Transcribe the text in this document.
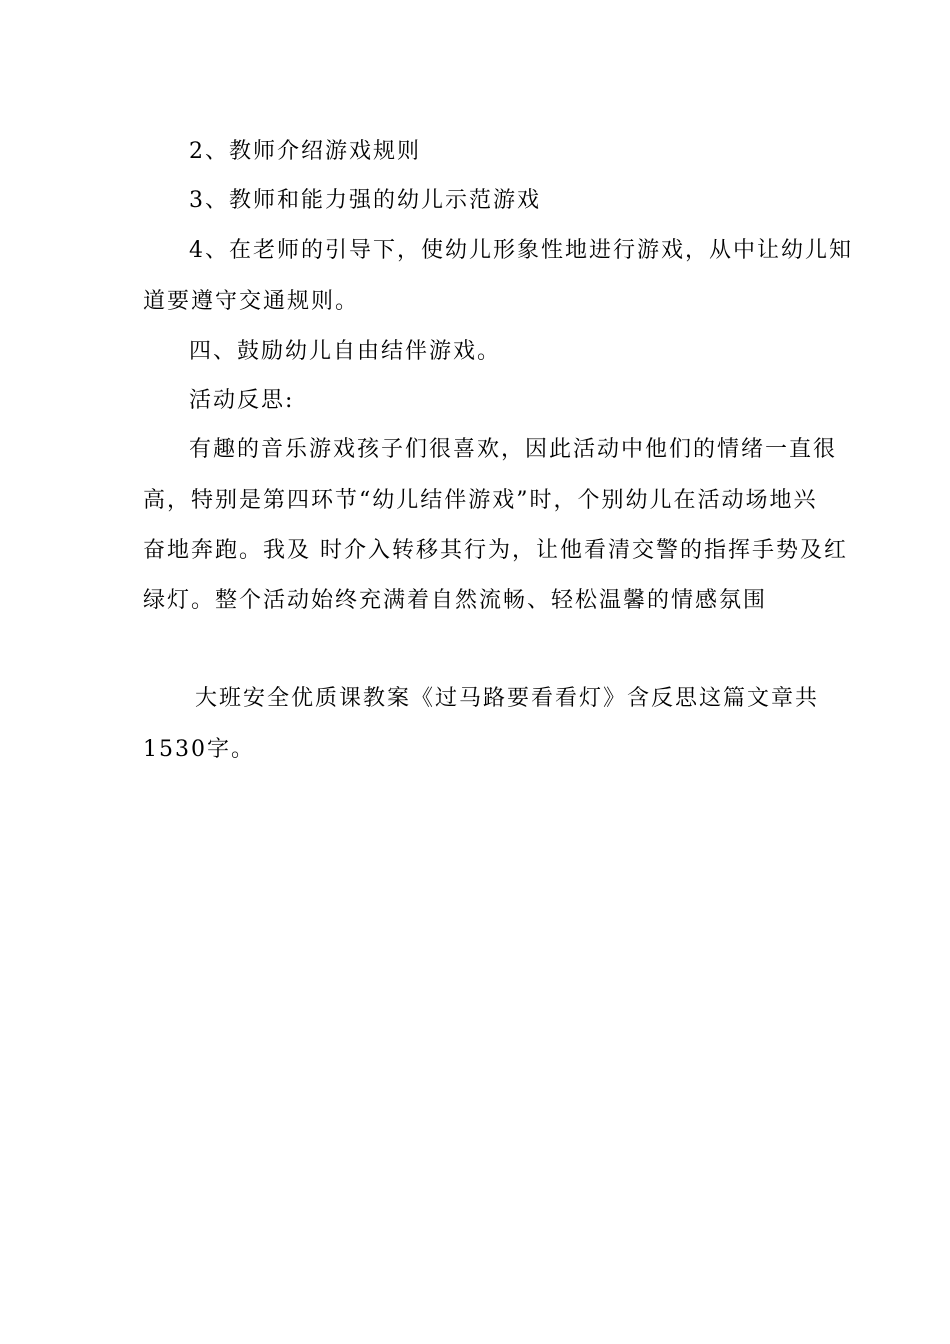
2、教师介绍游戏规则
3、教师和能力强的幼儿示范游戏
4、在老师的引导下，使幼儿形象性地进行游戏，从中让幼儿知
道要遵守交通规则。
四、鼓励幼儿自由结伴游戏。
活动反思:
有趣的音乐游戏孩子们很喜欢，因此活动中他们的情绪一直很
高，特别是第四环节“幼儿结伴游戏”时，个别幼儿在活动场地兴
奋地奔跑。我及 时介入转移其行为，让他看清交警的指挥手势及红
绿灯。整个活动始终充满着自然流畅、轻松温馨的情感氛围
大班安全优质课教案《过马路要看看灯》含反思这篇文章共
1530字。
